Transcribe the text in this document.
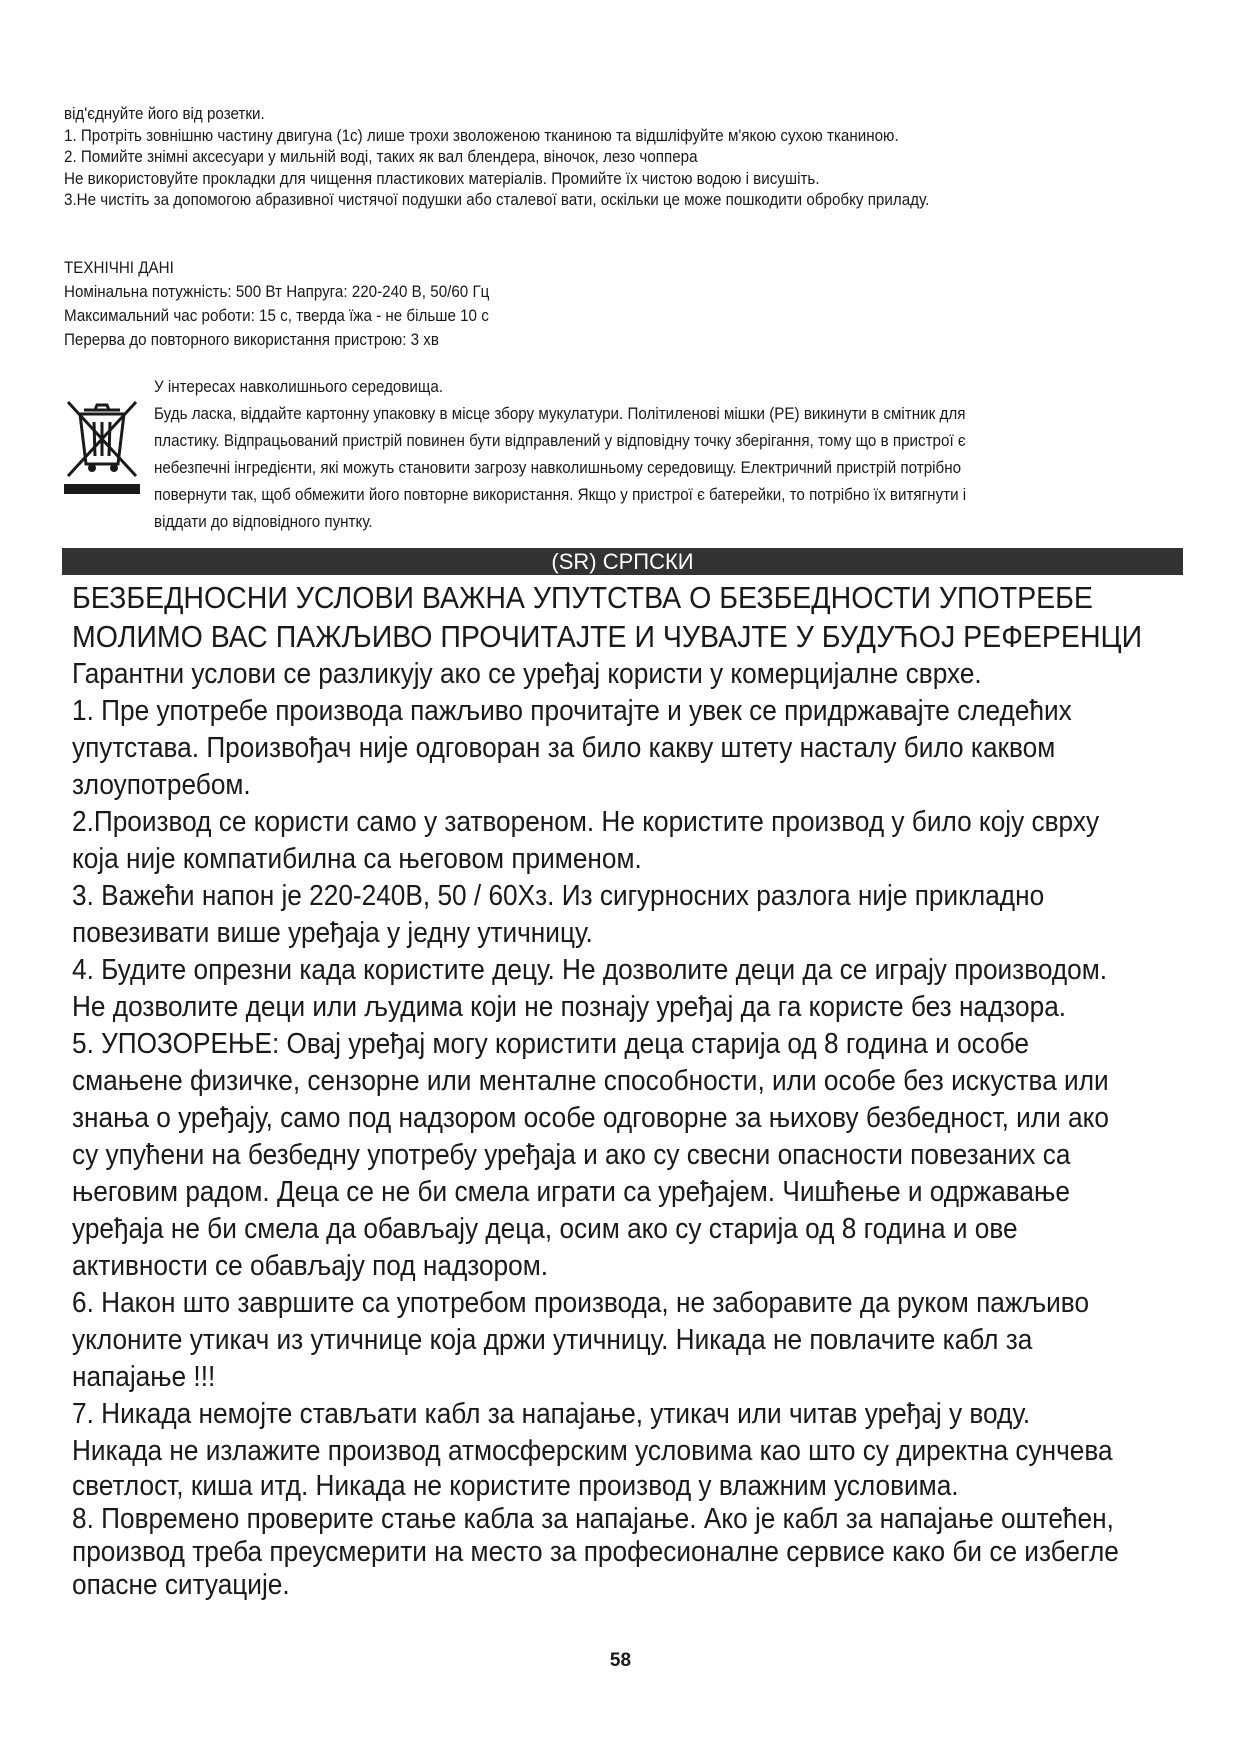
від'єднуйте його від розетки.

1. Протріть зовнішню частину двигуна (1с) лише трохи зволоженою тканиною та відшліфуйте м'якою сухою тканиною.

2. Помийте знімні аксесуари у мильній воді, таких як вал блендера, віночок, лезо чоппера

Не використовуйте прокладки для чищення пластикових матеріалів. Промийте їх чистою водою і висушіть.

3.Не чистіть за допомогою абразивної чистячої подушки або сталевої вати, оскільки це може пошкодити обробку приладу.

ТЕХНІЧНІ ДАНІ

Номінальна потужність: 500 Вт Напруга: 220-240 В, 50/60 Гц

Максимальний час роботи: 15 с, тверда їжа - не більше 10 с

Перерва до повторного використання пристрою: 3 хв

У інтересах навколишнього середовища.

Будь ласка, віддайте картонну упаковку в місце збору мукулатури. Політиленові мішки (PE) викинути в смітник для

пластику. Відпрацьований пристрій повинен бути відправлений у відповідну точку зберігання, тому що в пристрої є

небезпечні інгредієнти, які можуть становити загрозу навколишньому середовищу. Електричний пристрій потрібно

повернути так, щоб обмежити його повторне використання. Якщо у пристрої є батерейки, то потрібно їх витягнути і

віддати до відповідного пунтку.

(SR) СРПСКИ

БЕЗБЕДНОСНИ УСЛОВИ ВАЖНА УПУТСТВА О БЕЗБЕДНОСТИ УПОТРЕБЕ

МОЛИМО ВАС ПАЖЉИВО ПРОЧИТАЈТЕ И ЧУВАЈТЕ У БУДУЋОЈ РЕФЕРЕНЦИ

Гарантни услови се разликују ако се уређај користи у комерцијалне сврхе.

1. Пре употребе производа пажљиво прочитајте и увек се придржавајте следећих

упутстава. Произвођач није одговоран за било какву штету насталу било каквом

злоупотребом.

2.Производ се користи само у затвореном. Не користите производ у било коју сврху

која није компатибилна са његовом применом.

3. Важећи напон је 220-240В, 50 / 60Хз. Из сигурносних разлога није прикладно

повезивати више уређаја у једну утичницу.

4. Будите опрезни када користите децу. Не дозволите деци да се играју производом.

Не дозволите деци или људима који не познају уређај да га користе без надзора.

5. УПОЗОРЕЊЕ: Овај уређај могу користити деца старија од 8 година и особе

смањене физичке, сензорне или менталне способности, или особе без искуства или

знања о уређају, само под надзором особе одговорне за њихову безбедност, или ако

су упућени на безбедну употребу уређаја и ако су свесни опасности повезаних са

његовим радом. Деца се не би смела играти са уређајем. Чишћење и одржавање

уређаја не би смела да обављају деца, осим ако су старија од 8 година и ове

активности се обављају под надзором.

6. Након што завршите са употребом производа, не заборавите да руком пажљиво

уклоните утикач из утичнице која држи утичницу. Никада не повлачите кабл за

напајање !!!

7. Никада немојте стављати кабл за напајање, утикач или читав уређај у воду.

Никада не излажите производ атмосферским условима као што су директна сунчева

светлост, киша итд. Никада не користите производ у влажним условима.

8. Повремено проверите стање кабла за напајање. Ако је кабл за напајање оштећен,

производ треба преусмерити на место за професионалне сервисе како би се избегле

опасне ситуације.

58
